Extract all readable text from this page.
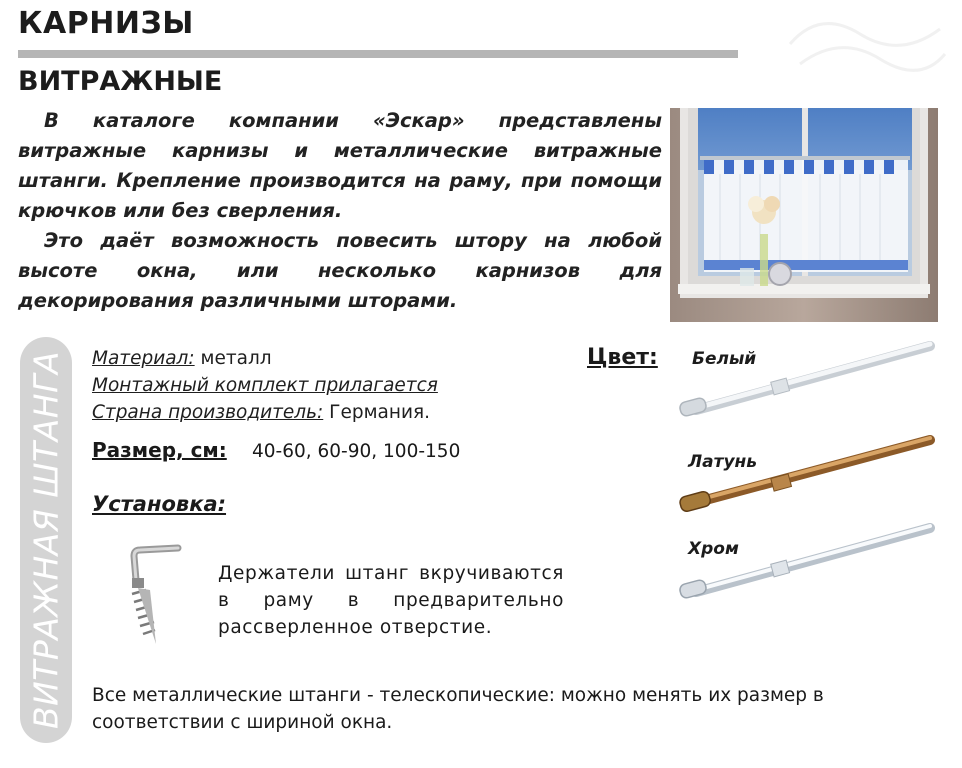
КАРНИЗЫ
ВИТРАЖНЫЕ

В каталоге компании «Эскар» представлены витражные карнизы и металлические витражные штанги. Крепление производится на раму, при помощи крючков или без сверления.

Это даёт возможность повесить штору на любой высоте окна, или несколько карнизов для декорирования различными шторами.

ВИТРАЖНАЯ ШТАНГА Материал: металл
Монтажный комплект прилагается
Страна производитель: Германия.
Размер, см: 40-60, 60-90, 100-150
Установка:
Держатели штанг вкручиваются в раму в предварительно рассверленное отверстие.
Все металлические штанги - телескопические: можно менять их размер в соответствии с шириной окна.
Цвет: Белый
Латунь
Хром
